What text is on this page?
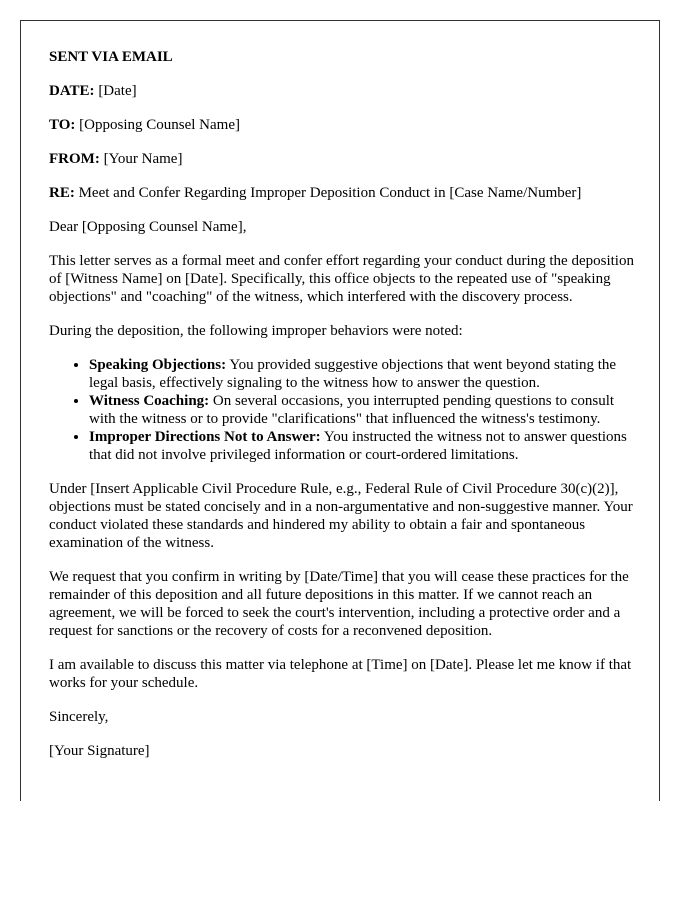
SENT VIA EMAIL

DATE: [Date]

TO: [Opposing Counsel Name]

FROM: [Your Name]

RE: Meet and Confer Regarding Improper Deposition Conduct in [Case Name/Number]

Dear [Opposing Counsel Name],

This letter serves as a formal meet and confer effort regarding your conduct during the deposition of [Witness Name] on [Date]. Specifically, this office objects to the repeated use of "speaking objections" and "coaching" of the witness, which interfered with the discovery process.

During the deposition, the following improper behaviors were noted:

• Speaking Objections: You provided suggestive objections that went beyond stating the legal basis, effectively signaling to the witness how to answer the question.
• Witness Coaching: On several occasions, you interrupted pending questions to consult with the witness or to provide "clarifications" that influenced the witness's testimony.
• Improper Directions Not to Answer: You instructed the witness not to answer questions that did not involve privileged information or court-ordered limitations.

Under [Insert Applicable Civil Procedure Rule, e.g., Federal Rule of Civil Procedure 30(c)(2)], objections must be stated concisely and in a non-argumentative and non-suggestive manner. Your conduct violated these standards and hindered my ability to obtain a fair and spontaneous examination of the witness.

We request that you confirm in writing by [Date/Time] that you will cease these practices for the remainder of this deposition and all future depositions in this matter. If we cannot reach an agreement, we will be forced to seek the court's intervention, including a protective order and a request for sanctions or the recovery of costs for a reconvened deposition.

I am available to discuss this matter via telephone at [Time] on [Date]. Please let me know if that works for your schedule.

Sincerely,

[Your Signature]
